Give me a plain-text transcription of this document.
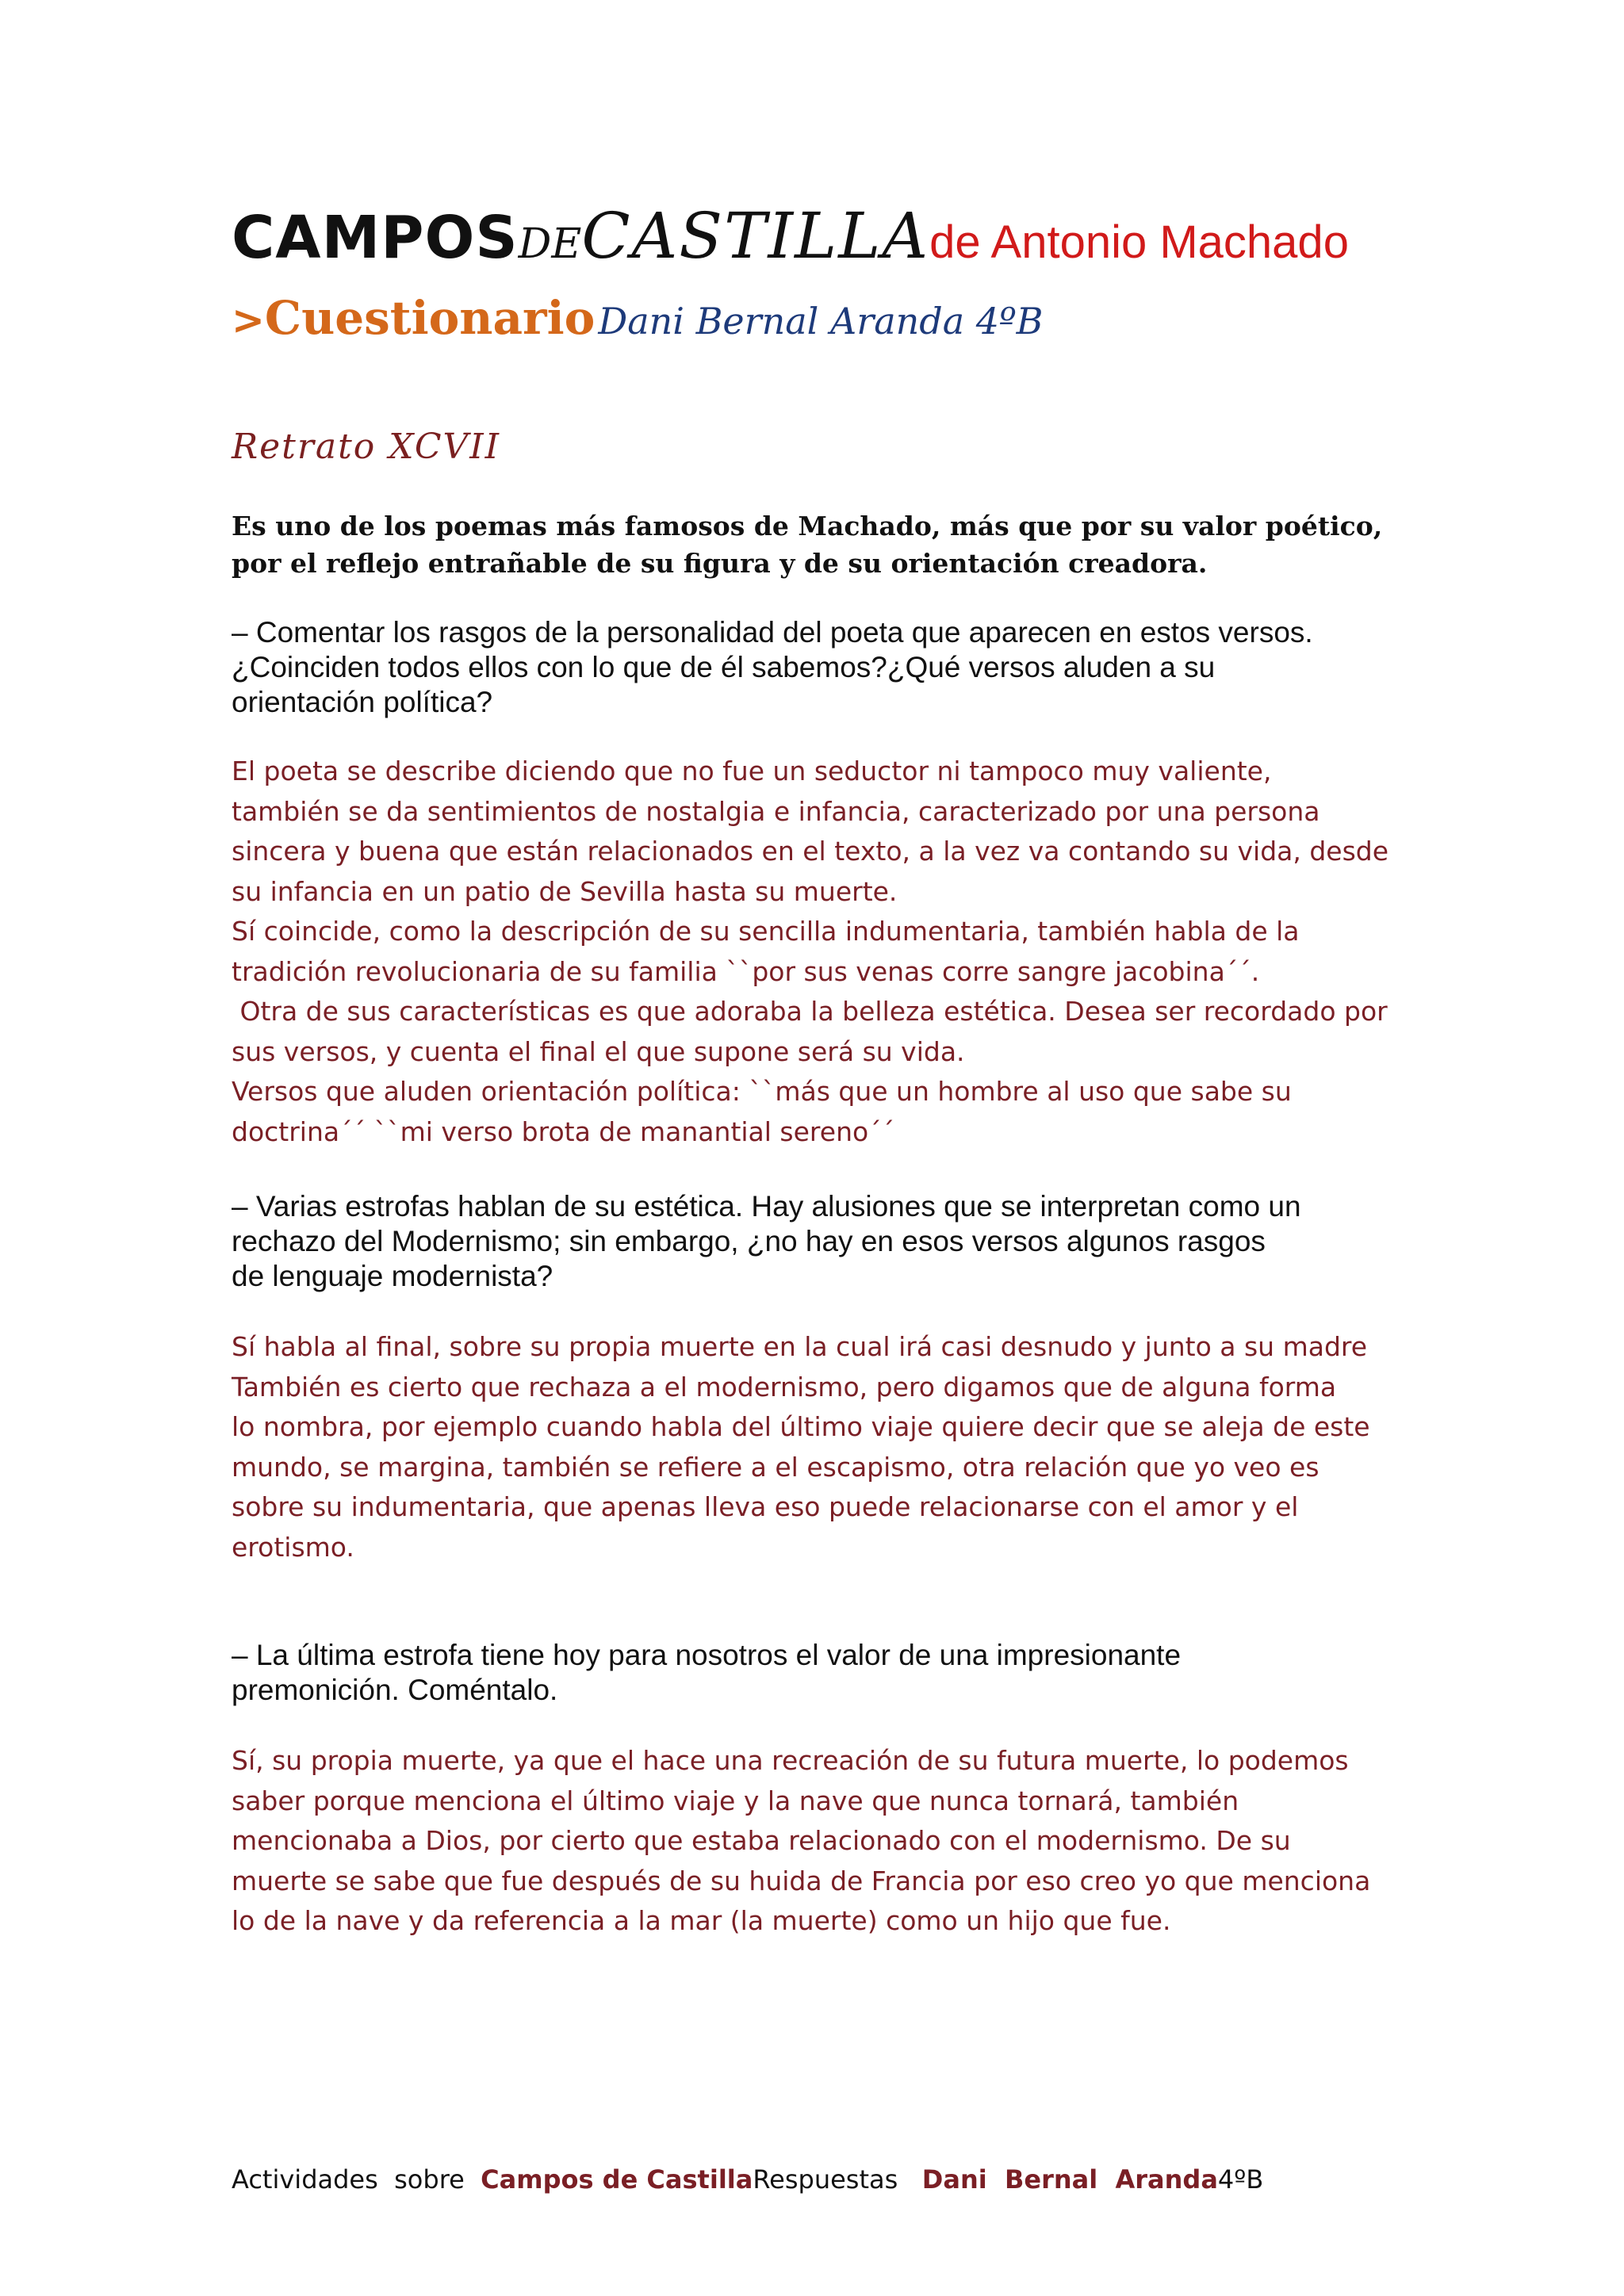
CAMPOSDECASTILLAde Antonio Machado
>CuestionarioDani Bernal Aranda 4ºB
Retrato XCVII
Es uno de los poemas más famosos de Machado, más que por su valor poético,
por el reflejo entrañable de su figura y de su orientación creadora.
– Comentar los rasgos de la personalidad del poeta que aparecen en estos versos.
¿Coinciden todos ellos con lo que de él sabemos?¿Qué versos aluden a su
orientación política?
El poeta se describe diciendo que no fue un seductor ni tampoco muy valiente,
también se da sentimientos de nostalgia e infancia, caracterizado por una persona
sincera y buena que están relacionados en el texto, a la vez va contando su vida, desde
su infancia en un patio de Sevilla hasta su muerte.
Sí coincide, como la descripción de su sencilla indumentaria, también habla de la
tradición revolucionaria de su familia ``por sus venas corre sangre jacobina´´.
Otra de sus características es que adoraba la belleza estética. Desea ser recordado por
sus versos, y cuenta el final el que supone será su vida.
Versos que aluden orientación política: ``más que un hombre al uso que sabe su
doctrina´´ ``mi verso brota de manantial sereno´´
– Varias estrofas hablan de su estética. Hay alusiones que se interpretan como un
rechazo del Modernismo; sin embargo, ¿no hay en esos versos algunos rasgos
de lenguaje modernista?
Sí habla al final, sobre su propia muerte en la cual irá casi desnudo y junto a su madre
También es cierto que rechaza a el modernismo, pero digamos que de alguna forma
lo nombra, por ejemplo cuando habla del último viaje quiere decir que se aleja de este
mundo, se margina, también se refiere a el escapismo, otra relación que yo veo es
sobre su indumentaria, que apenas lleva eso puede relacionarse con el amor y el
erotismo.
– La última estrofa tiene hoy para nosotros el valor de una impresionante
premonición. Coméntalo.
Sí, su propia muerte, ya que el hace una recreación de su futura muerte, lo podemos
saber porque menciona el último viaje y la nave que nunca tornará, también
mencionaba a Dios, por cierto que estaba relacionado con el modernismo. De su
muerte se sabe que fue después de su huida de Francia por eso creo yo que menciona
lo de la nave y da referencia a la mar (la muerte) como un hijo que fue.
Actividades  sobre  Campos de CastillaRespuestas   Dani  Bernal  Aranda4ºB
